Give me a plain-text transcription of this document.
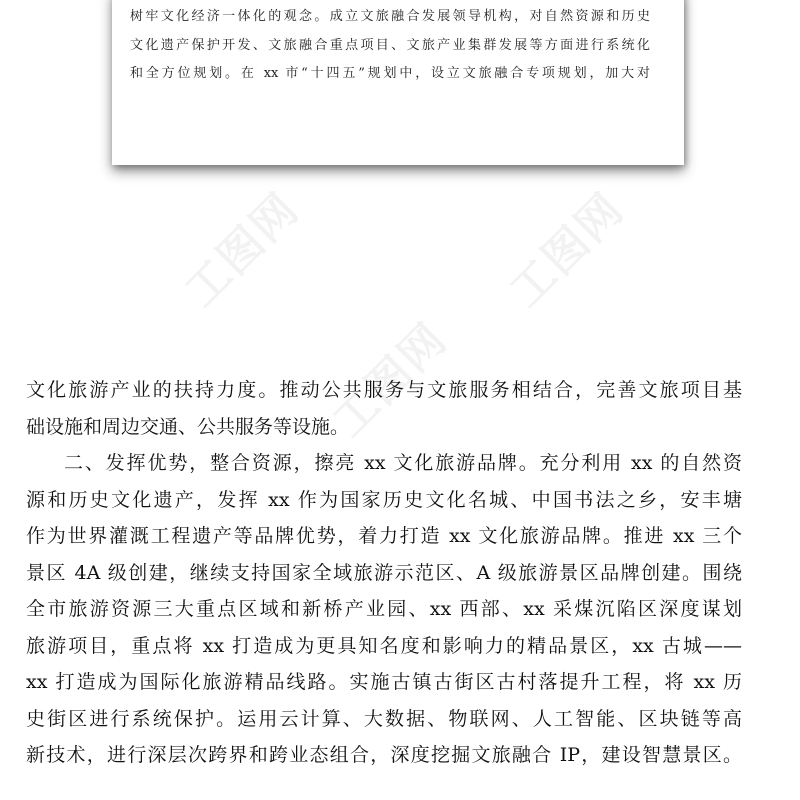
树牢文化经济一体化的观念。成立文旅融合发展领导机构，对自然资源和历史
文化遗产保护开发、文旅融合重点项目、文旅产业集群发展等方面进行系统化
和全方位规划。在 xx 市“十四五”规划中，设立文旅融合专项规划，加大对
工图网	工图网
工图网
文化旅游产业的扶持力度。推动公共服务与文旅服务相结合，完善文旅项目基
础设施和周边交通、公共服务等设施。
二、发挥优势，整合资源，擦亮 xx 文化旅游品牌。充分利用 xx 的自然资
源和历史文化遗产，发挥 xx 作为国家历史文化名城、中国书法之乡，安丰塘
作为世界灌溉工程遗产等品牌优势，着力打造 xx 文化旅游品牌。推进 xx 三个
景区 4A 级创建，继续支持国家全域旅游示范区、A 级旅游景区品牌创建。围绕
全市旅游资源三大重点区域和新桥产业园、xx 西部、xx 采煤沉陷区深度谋划
旅游项目，重点将 xx 打造成为更具知名度和影响力的精品景区，xx 古城——
xx 打造成为国际化旅游精品线路。实施古镇古街区古村落提升工程，将 xx 历
史街区进行系统保护。运用云计算、大数据、物联网、人工智能、区块链等高
新技术，进行深层次跨界和跨业态组合，深度挖掘文旅融合 IP，建设智慧景区。
